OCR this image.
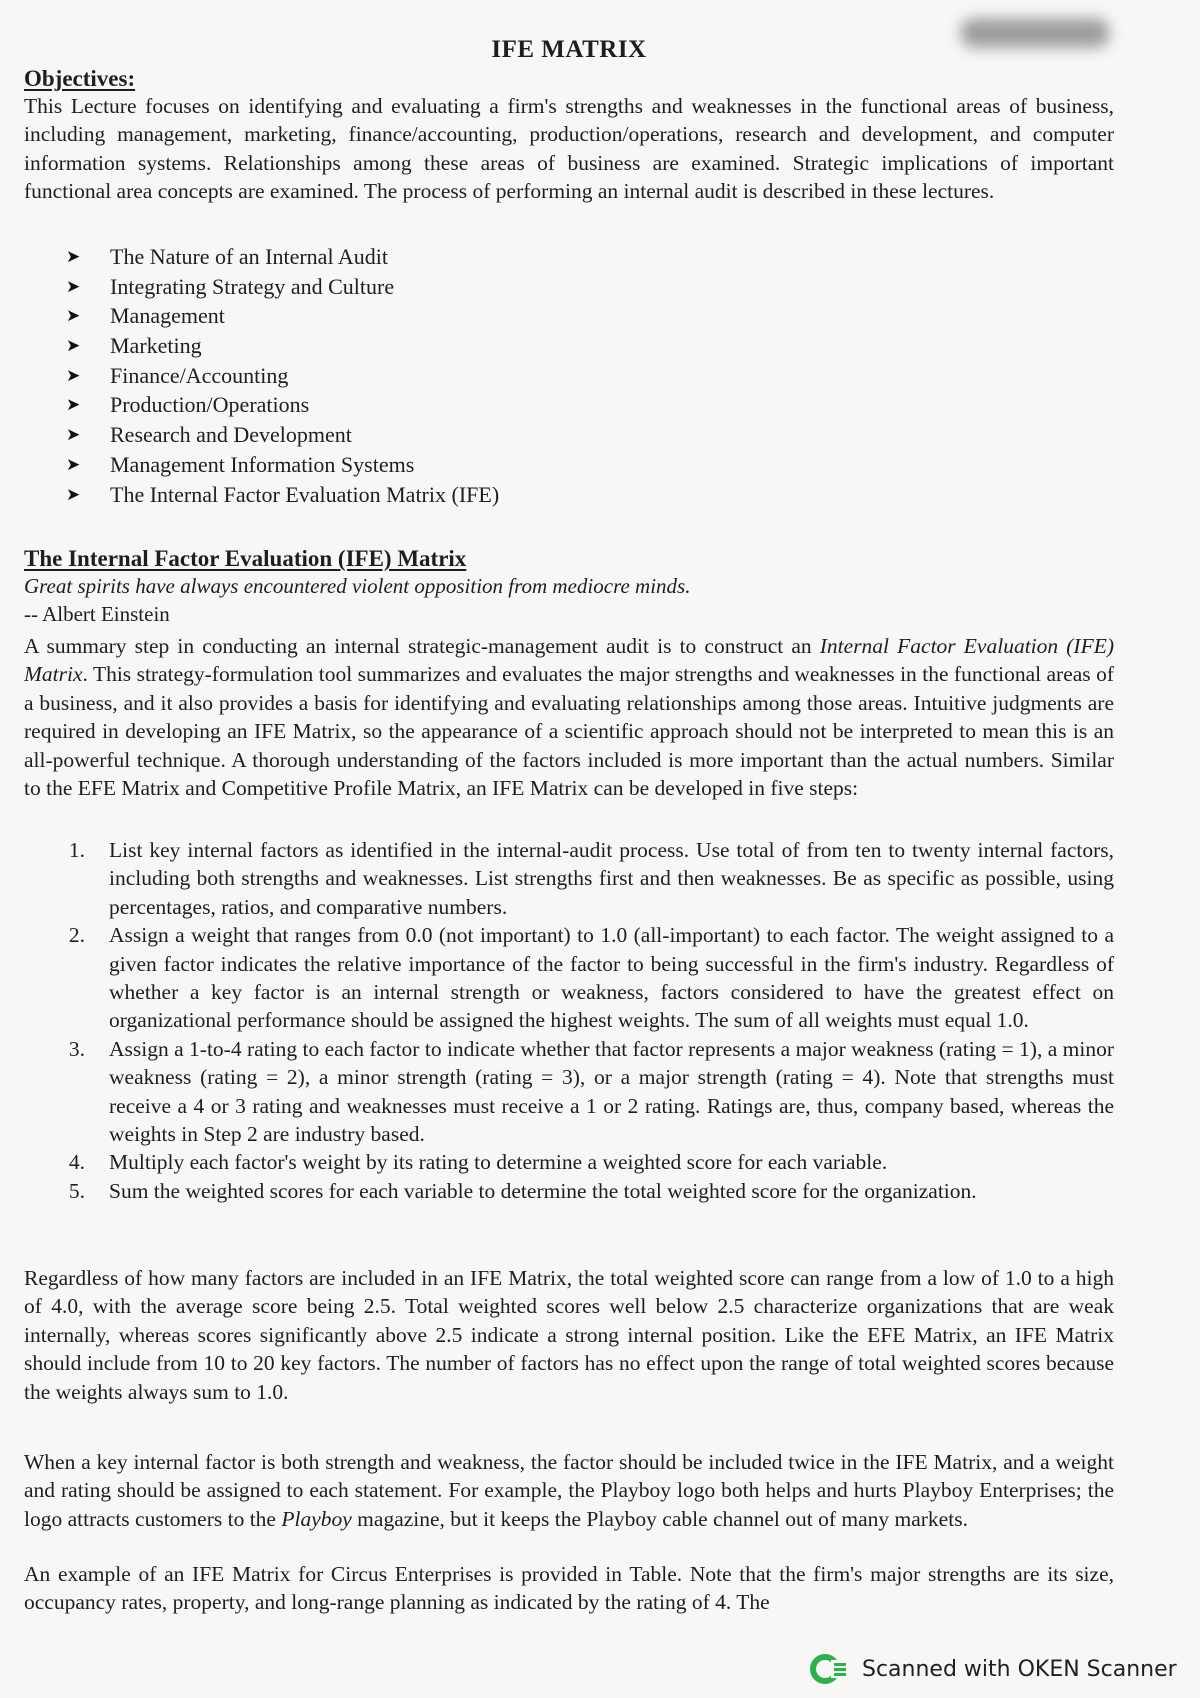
IFE MATRIX
Objectives:

This Lecture focuses on identifying and evaluating a firm's strengths and weaknesses in the functional areas of business, including management, marketing, finance/accounting, production/operations, research and development, and computer information systems. Relationships among these areas of business are examined. Strategic implications of important functional area concepts are examined. The process of performing an internal audit is described in these lectures.

➤	The Nature of an Internal Audit
➤	Integrating Strategy and Culture
➤	Management
➤	Marketing
➤	Finance/Accounting
➤	Production/Operations
➤	Research and Development
➤	Management Information Systems
➤	The Internal Factor Evaluation Matrix (IFE)
The Internal Factor Evaluation (IFE) Matrix
Great spirits have always encountered violent opposition from mediocre minds.
-- Albert Einstein

A summary step in conducting an internal strategic-management audit is to construct an Internal Factor Evaluation (IFE) Matrix. This strategy-formulation tool summarizes and evaluates the major strengths and weaknesses in the functional areas of a business, and it also provides a basis for identifying and evaluating relationships among those areas. Intuitive judgments are required in developing an IFE Matrix, so the appearance of a scientific approach should not be interpreted to mean this is an all-powerful technique. A thorough understanding of the factors included is more important than the actual numbers. Similar to the EFE Matrix and Competitive Profile Matrix, an IFE Matrix can be developed in five steps:

1.	List key internal factors as identified in the internal-audit process. Use total of from ten to twenty internal factors, including both strengths and weaknesses. List strengths first and then weaknesses. Be as specific as possible, using percentages, ratios, and comparative numbers.
2.	Assign a weight that ranges from 0.0 (not important) to 1.0 (all-important) to each factor. The weight assigned to a given factor indicates the relative importance of the factor to being successful in the firm's industry. Regardless of whether a key factor is an internal strength or weakness, factors considered to have the greatest effect on organizational performance should be assigned the highest weights. The sum of all weights must equal 1.0.
3.	Assign a 1-to-4 rating to each factor to indicate whether that factor represents a major weakness (rating = 1), a minor weakness (rating = 2), a minor strength (rating = 3), or a major strength (rating = 4). Note that strengths must receive a 4 or 3 rating and weaknesses must receive a 1 or 2 rating. Ratings are, thus, company based, whereas the weights in Step 2 are industry based.
4.	Multiply each factor's weight by its rating to determine a weighted score for each variable.
5.	Sum the weighted scores for each variable to determine the total weighted score for the organization.

Regardless of how many factors are included in an IFE Matrix, the total weighted score can range from a low of 1.0 to a high of 4.0, with the average score being 2.5. Total weighted scores well below 2.5 characterize organizations that are weak internally, whereas scores significantly above 2.5 indicate a strong internal position. Like the EFE Matrix, an IFE Matrix should include from 10 to 20 key factors. The number of factors has no effect upon the range of total weighted scores because the weights always sum to 1.0.

When a key internal factor is both strength and weakness, the factor should be included twice in the IFE Matrix, and a weight and rating should be assigned to each statement. For example, the Playboy logo both helps and hurts Playboy Enterprises; the logo attracts customers to the Playboy magazine, but it keeps the Playboy cable channel out of many markets.

An example of an IFE Matrix for Circus Enterprises is provided in Table. Note that the firm's major strengths are its size, occupancy rates, property, and long-range planning as indicated by the rating of 4. The

Scanned with OKEN Scanner
